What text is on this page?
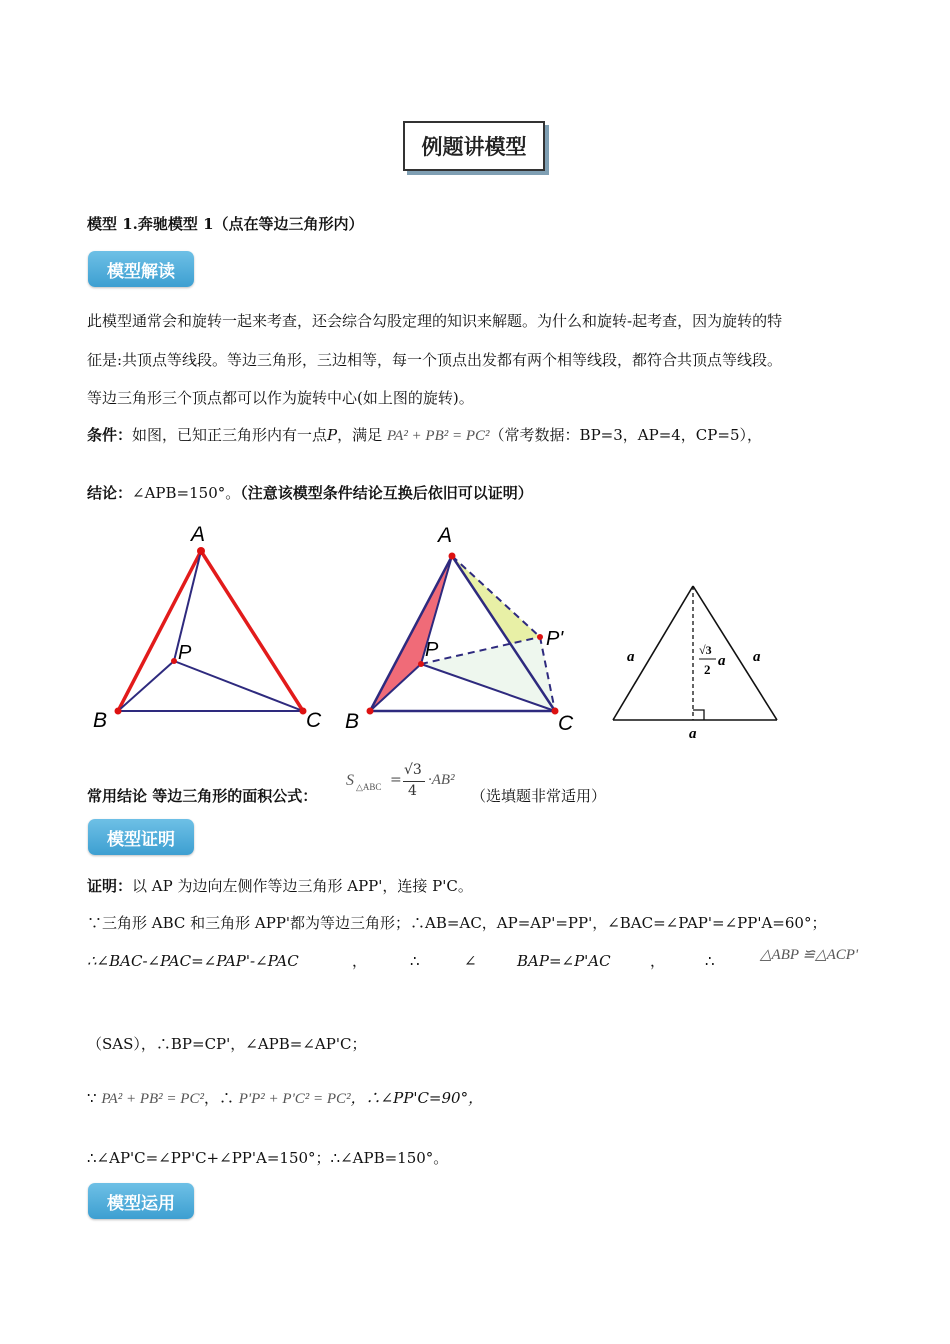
例题讲模型
模型 1.奔驰模型 1（点在等边三角形内）
模型解读
此模型通常会和旋转一起来考查，还会综合勾股定理的知识来解题。为什么和旋转-起考查，因为旋转的特
征是:共顶点等线段。等边三角形，三边相等，每一个顶点出发都有两个相等线段，都符合共顶点等线段。
等边三角形三个顶点都可以作为旋转中心(如上图的旋转)。
条件：如图，已知正三角形内有一点P，满足 PA² + PB² = PC²（常考数据：BP=3，AP=4，CP=5），
结论：∠APB=150°。（注意该模型条件结论互换后依旧可以证明）
A
B	C
P
A
B	C
P	P'
a	a
a
√3
2
a
常用结论 等边三角形的面积公式：
S △ABC =
√3
4
·AB²
（选填题非常适用）
模型证明
证明：以 AP 为边向左侧作等边三角形 APP'，连接 P'C。
∵三角形 ABC 和三角形 APP'都为等边三角形；∴AB=AC，AP=AP'=PP'，∠BAC=∠PAP'=∠PP'A=60°；
∴∠BAC-∠PAC=∠PAP'-∠PAC	，	∴	∠	BAP=∠P'AC	，	∴	△ABP ≌△ACP'
（SAS），∴BP=CP'，∠APB=∠AP'C；
∵ PA² + PB² = PC²，∴ P'P² + P'C² = PC²，∴∠PP'C=90°，
∴∠AP'C=∠PP'C+∠PP'A=150°；∴∠APB=150°。
模型运用
